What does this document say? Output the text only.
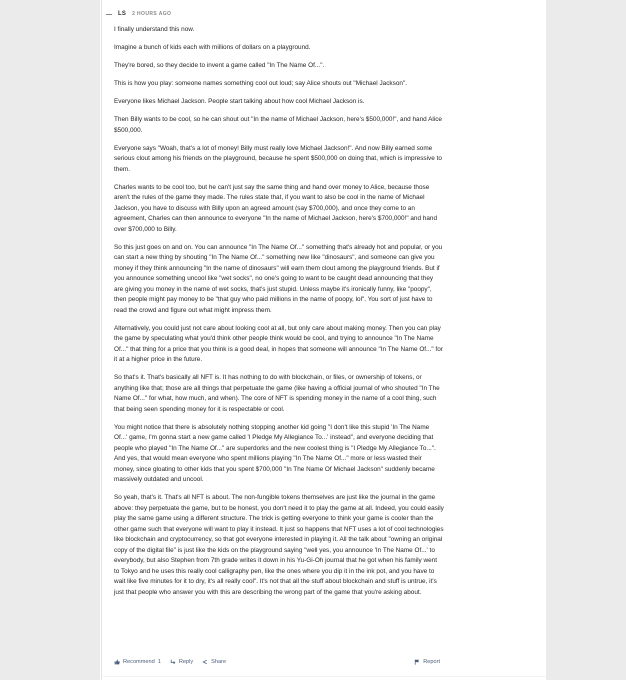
LS 2 HOURS AGO

I finally understand this now.

Imagine a bunch of kids each with millions of dollars on a playground.

They're bored, so they decide to invent a game called "In The Name Of...".

This is how you play: someone names something cool out loud; say Alice shouts out "Michael Jackson".

Everyone likes Michael Jackson. People start talking about how cool Michael Jackson is.

Then Billy wants to be cool, so he can shout out "In the name of Michael Jackson, here's $500,000!", and hand Alice $500,000.

Everyone says "Woah, that's a lot of money! Billy must really love Michael Jackson!". And now Billy earned some serious clout among his friends on the playground, because he spent $500,000 on doing that, which is impressive to them.

Charles wants to be cool too, but he can't just say the same thing and hand over money to Alice, because those aren't the rules of the game they made. The rules state that, if you want to also be cool in the name of Michael Jackson, you have to discuss with Billy upon an agreed amount (say $700,000), and once they come to an agreement, Charles can then announce to everyone "In the name of Michael Jackson, here's $700,000!" and hand over $700,000 to Billy.

So this just goes on and on. You can announce "In The Name Of..." something that's already hot and popular, or you can start a new thing by shouting "In The Name Of..." something new like "dinosaurs", and someone can give you money if they think announcing "In the name of dinosaurs" will earn them clout among the playground friends. But if you announce something uncool like "wet socks", no one's going to want to be caught dead announcing that they are giving you money in the name of wet socks, that's just stupid. Unless maybe it's ironically funny, like "poopy", then people might pay money to be "that guy who paid millions in the name of poopy, lol". You sort of just have to read the crowd and figure out what might impress them.

Alternatively, you could just not care about looking cool at all, but only care about making money. Then you can play the game by speculating what you'd think other people think would be cool, and trying to announce "In The Name Of..." that thing for a price that you think is a good deal, in hopes that someone will announce "In The Name Of..." for it at a higher price in the future.

So that's it. That's basically all NFT is. It has nothing to do with blockchain, or files, or ownership of tokens, or anything like that; those are all things that perpetuate the game (like having a official journal of who shouted "In The Name Of..." for what, how much, and when). The core of NFT is spending money in the name of a cool thing, such that being seen spending money for it is respectable or cool.

You might notice that there is absolutely nothing stopping another kid going "I don't like this stupid 'In The Name Of...' game, I'm gonna start a new game called 'I Pledge My Allegiance To...' instead", and everyone deciding that people who played "In The Name Of..." are superdorks and the new coolest thing is "I Pledge My Allegiance To...". And yes, that would mean everyone who spent millions playing "In The Name Of..." more or less wasted their money, since gloating to other kids that you spent $700,000 "In The Name Of Michael Jackson" suddenly became massively outdated and uncool.

So yeah, that's it. That's all NFT is about. The non-fungible tokens themselves are just like the journal in the game above: they perpetuate the game, but to be honest, you don't need it to play the game at all. Indeed, you could easily play the same game using a different structure. The trick is getting everyone to think your game is cooler than the other game such that everyone will want to play it instead. It just so happens that NFT uses a lot of cool technologies like blockchain and cryptocurrency, so that got everyone interested in playing it. All the talk about "owning an original copy of the digital file" is just like the kids on the playground saying "well yes, you announce 'In The Name Of...' to everybody, but also Stephen from 7th grade writes it down in his Yu-Gi-Oh journal that he got when his family went to Tokyo and he uses this really cool calligraphy pen, like the ones where you dip it in the ink pot, and you have to wait like five minutes for it to dry, it's all really cool". It's not that all the stuff about blockchain and stuff is untrue, it's just that people who answer you with this are describing the wrong part of the game that you're asking about.

Recommend 1	Reply	Share	Report
